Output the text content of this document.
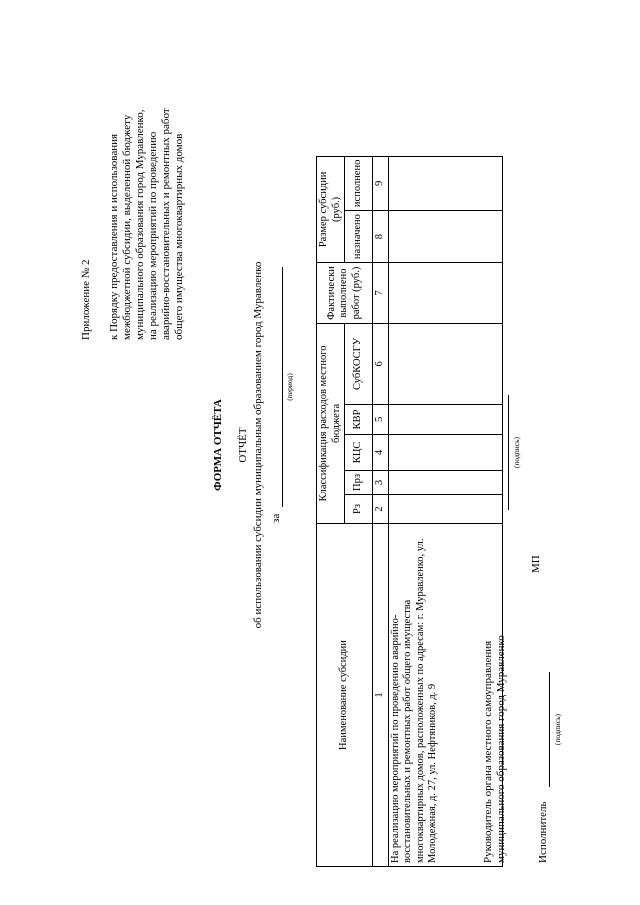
Приложение № 2 к Порядку предоставления и использования межбюджетной субсидии, выделенной бюджету муниципального образования город Муравленко, на реализацию мероприятий по проведению аварийно-восстановительных и ремонтных работ общего имущества многоквартирных домов
ФОРМА ОТЧЁТА ОТЧЁТ об использовании субсидии муниципальным образованием город Муравленко за
(период)
Наименование субсидии	Классификация расходов местного бюджета					Фактически выполнено работ (руб.)	Размер субсидии (руб.)	
	Рз	Прз	КЦС	КВР	СубКОСГУ		назначено	исполнено
1	2	3	4	5	6	7	8	9
На реализацию мероприятий по проведению аварийно-восстановительных и ремонтных работ общего имущества многоквартирных домов, расположенных по адресам: г. Муравленко, ул. Молодежная, д. 27, ул. Нефтяников, д. 9									Руководитель органа местного самоуправления муниципального образования город Муравленко
(подпись)
МП
Исполнитель
(подпись)
